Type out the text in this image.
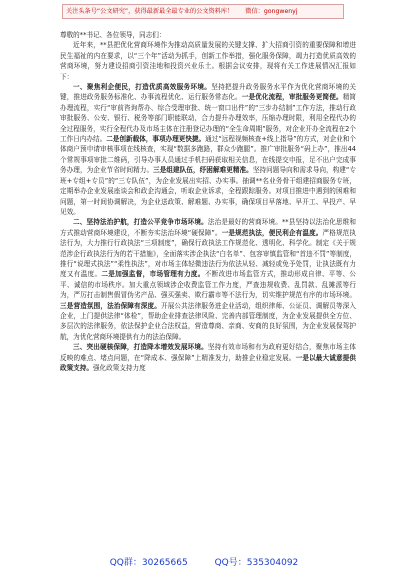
关注头条号“公文研究”，获得最新最全最专业的公文资料库！ 微信：gongwenyj

尊敬的**书记、各位领导，同志们：

近年来，**县把优化营商环境作为推动高质量发展的关键支撑、扩大招商引资的重要保障和增进民生福祉的内在要求，以“三个年”活动为抓手，创新工作举措，强化服务保障，竭力打造优质高效的营商环境，努力建设招商引资洼地和投资兴业乐土。根据会议安排，现将有关工作进展情况汇报如下：

一、聚焦利企便民，打造优质高效服务环境。坚持把提升政务服务水平作为优化营商环境的关键，推进政务服务标准化、办事流程优化、运行服务常态化。一是优化流程，审批服务更简便。精简办理流程，实行“审前咨询帮办、综合受理审批、统一窗口出件”的“三步办结制”工作方法，推动行政审批服务、公安、银行、税务等部门职能联动，合力提升办理效率，压缩办理时限，利用全程代办的全过程服务，实行全程代办及市场主体在注册登记办理的“全生命周期”服务，对企业开办全流程在2个工作日内办结。二是创新载体，事项办理更快捷。通过“远程视频核查+线上指导”的方式，对企业和个体商户预申请审核事项在线核查，实现“数据多跑路，群众少跑腿”。推广审批服务“码上办”，推出44个常规事项审批二维码，引导办事人员通过手机扫码获取相关信息，在线提交申报，足不出户完成事务办理，为企业节省时间精力。三是组建队伍，纾困解难更精准。坚持问题导向和需求导向，构建“专班+专组+专员”的“三专队伍”，为企业发展出实招、办实事。抽调**名业务骨干组建招商服务专班，定期举办企业发展座谈会和政企沟通会，听取企业诉求，全程跟踪服务。对项目推进中遇到的困难和问题，第一时间协调解决，为企业送政策、解难题、办实事，确保项目早落地、早开工、早投产、早见效。

二、坚持法治护航，打造公平竞争市场环境。法治是最好的营商环境。**县坚持以法治化思维和方式推动营商环境建设，不断夯实法治环境“硬保障”。一是规范执法，便民利企有温度。严格规范执法行为，大力推行行政执法“三项制度”，确保行政执法工作规范化、透明化、科学化。制定《关于规范涉企行政执法行为的若干措施》，全面落实涉企执法“白名单”、包容审慎监管和“首违不罚”等制度，推行“说理式执法”“柔性执法”，对市场主体轻微违法行为依法从轻、减轻或免予处罚，让执法既有力度又有温度。二是加强监督，市场管理有力度。不断改进市场监管方式，推动形成自律、平等、公平、诚信的市场秩序。加大重点领域涉企收费监管工作力度，严查违规收费、乱罚款、乱摊派等行为，严厉打击制售假冒伪劣产品、强买强卖、欺行霸市等不法行为，切实维护规范有序的市场环境。三是营造氛围，法治保障有深度。开展公共法律服务进企业活动，组织律师、公证员、调解员等深入企业，上门提供法律“体检”，帮助企业排查法律风险、完善内部管理制度，为企业发展提供全方位、多层次的法律服务，依法保护企业合法权益，营造尊商、亲商、安商的良好氛围，为企业发展保驾护航，为优化营商环境提供有力的法治保障。

三、突出硬核保障，打造降本增效发展环境。坚持有效市场和有为政府更好结合，聚焦市场主体反映的难点、堵点问题，在“降成本、强保障”上精准发力，助推企业稳定发展。一是以最大诚意提供政策支持。强化政策支持力度

QQ群：30265665	QQ号：535304092
